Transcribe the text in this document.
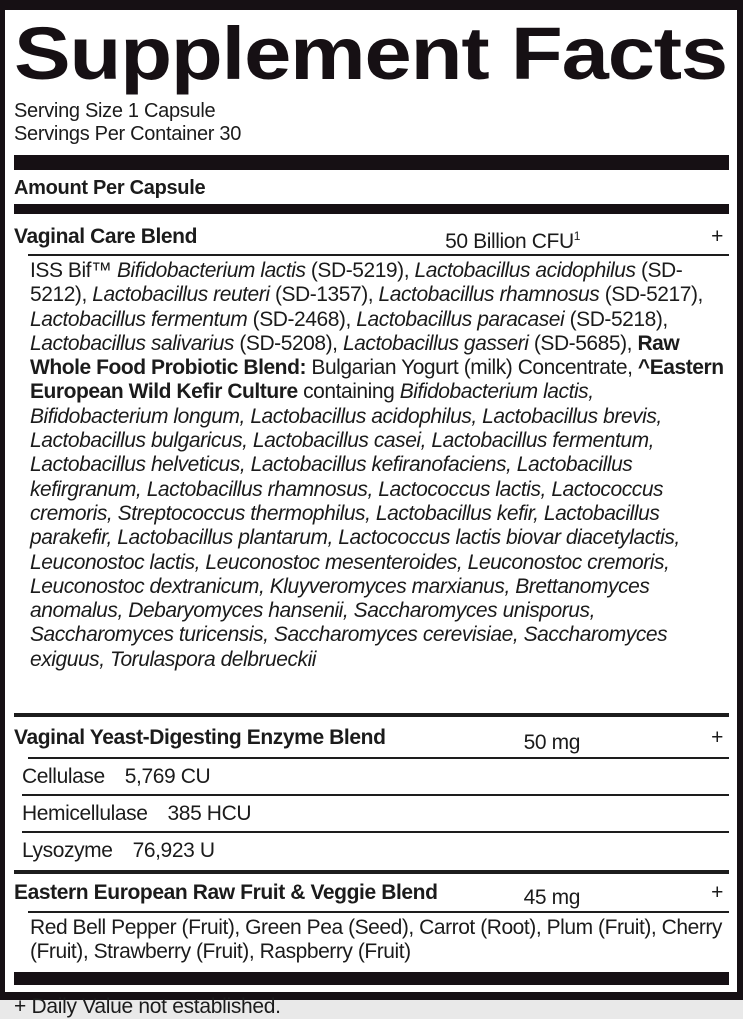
Supplement Facts
Serving Size 1 Capsule
Servings Per Container 30
Amount Per Capsule
Vaginal Care Blend	50 Billion $CFU^1$	+
ISS Bif™ Bifidobacterium lactis (SD-5219), Lactobacillus acidophilus (SD-5212), Lactobacillus reuteri (SD-1357), Lactobacillus rhamnosus (SD-5217), Lactobacillus fermentum (SD-2468), Lactobacillus paracasei (SD-5218), Lactobacillus salivarius (SD-5208), Lactobacillus gasseri (SD-5685), Raw Whole Food Probiotic Blend: Bulgarian Yogurt (milk) Concentrate, ^Eastern European Wild Kefir Culture containing Bifidobacterium lactis, Bifidobacterium longum, Lactobacillus acidophilus, Lactobacillus brevis, Lactobacillus bulgaricus, Lactobacillus casei, Lactobacillus fermentum, Lactobacillus helveticus, Lactobacillus kefiranofaciens, Lactobacillus kefirgranum, Lactobacillus rhamnosus, Lactococcus lactis, Lactococcus cremoris, Streptococcus thermophilus, Lactobacillus kefir, Lactobacillus parakefir, Lactobacillus plantarum, Lactococcus lactis biovar diacetylactis, Leuconostoc lactis, Leuconostoc mesenteroides, Leuconostoc cremoris, Leuconostoc dextranicum, Kluyveromyces marxianus, Brettanomyces anomalus, Debaryomyces hansenii, Saccharomyces unisporus, Saccharomyces turicensis, Saccharomyces cerevisiae, Saccharomyces exiguus, Torulaspora delbrueckii
Vaginal Yeast-Digesting Enzyme Blend	50 mg	+
Cellulase 5,769 CU
Hemicellulase 385 HCU
Lysozyme 76,923 U
Eastern European Raw Fruit & Veggie Blend	45 mg	+
Red Bell Pepper (Fruit), Green Pea (Seed), Carrot (Root), Plum (Fruit), Cherry (Fruit), Strawberry (Fruit), Raspberry (Fruit)
+ Daily Value not established.
